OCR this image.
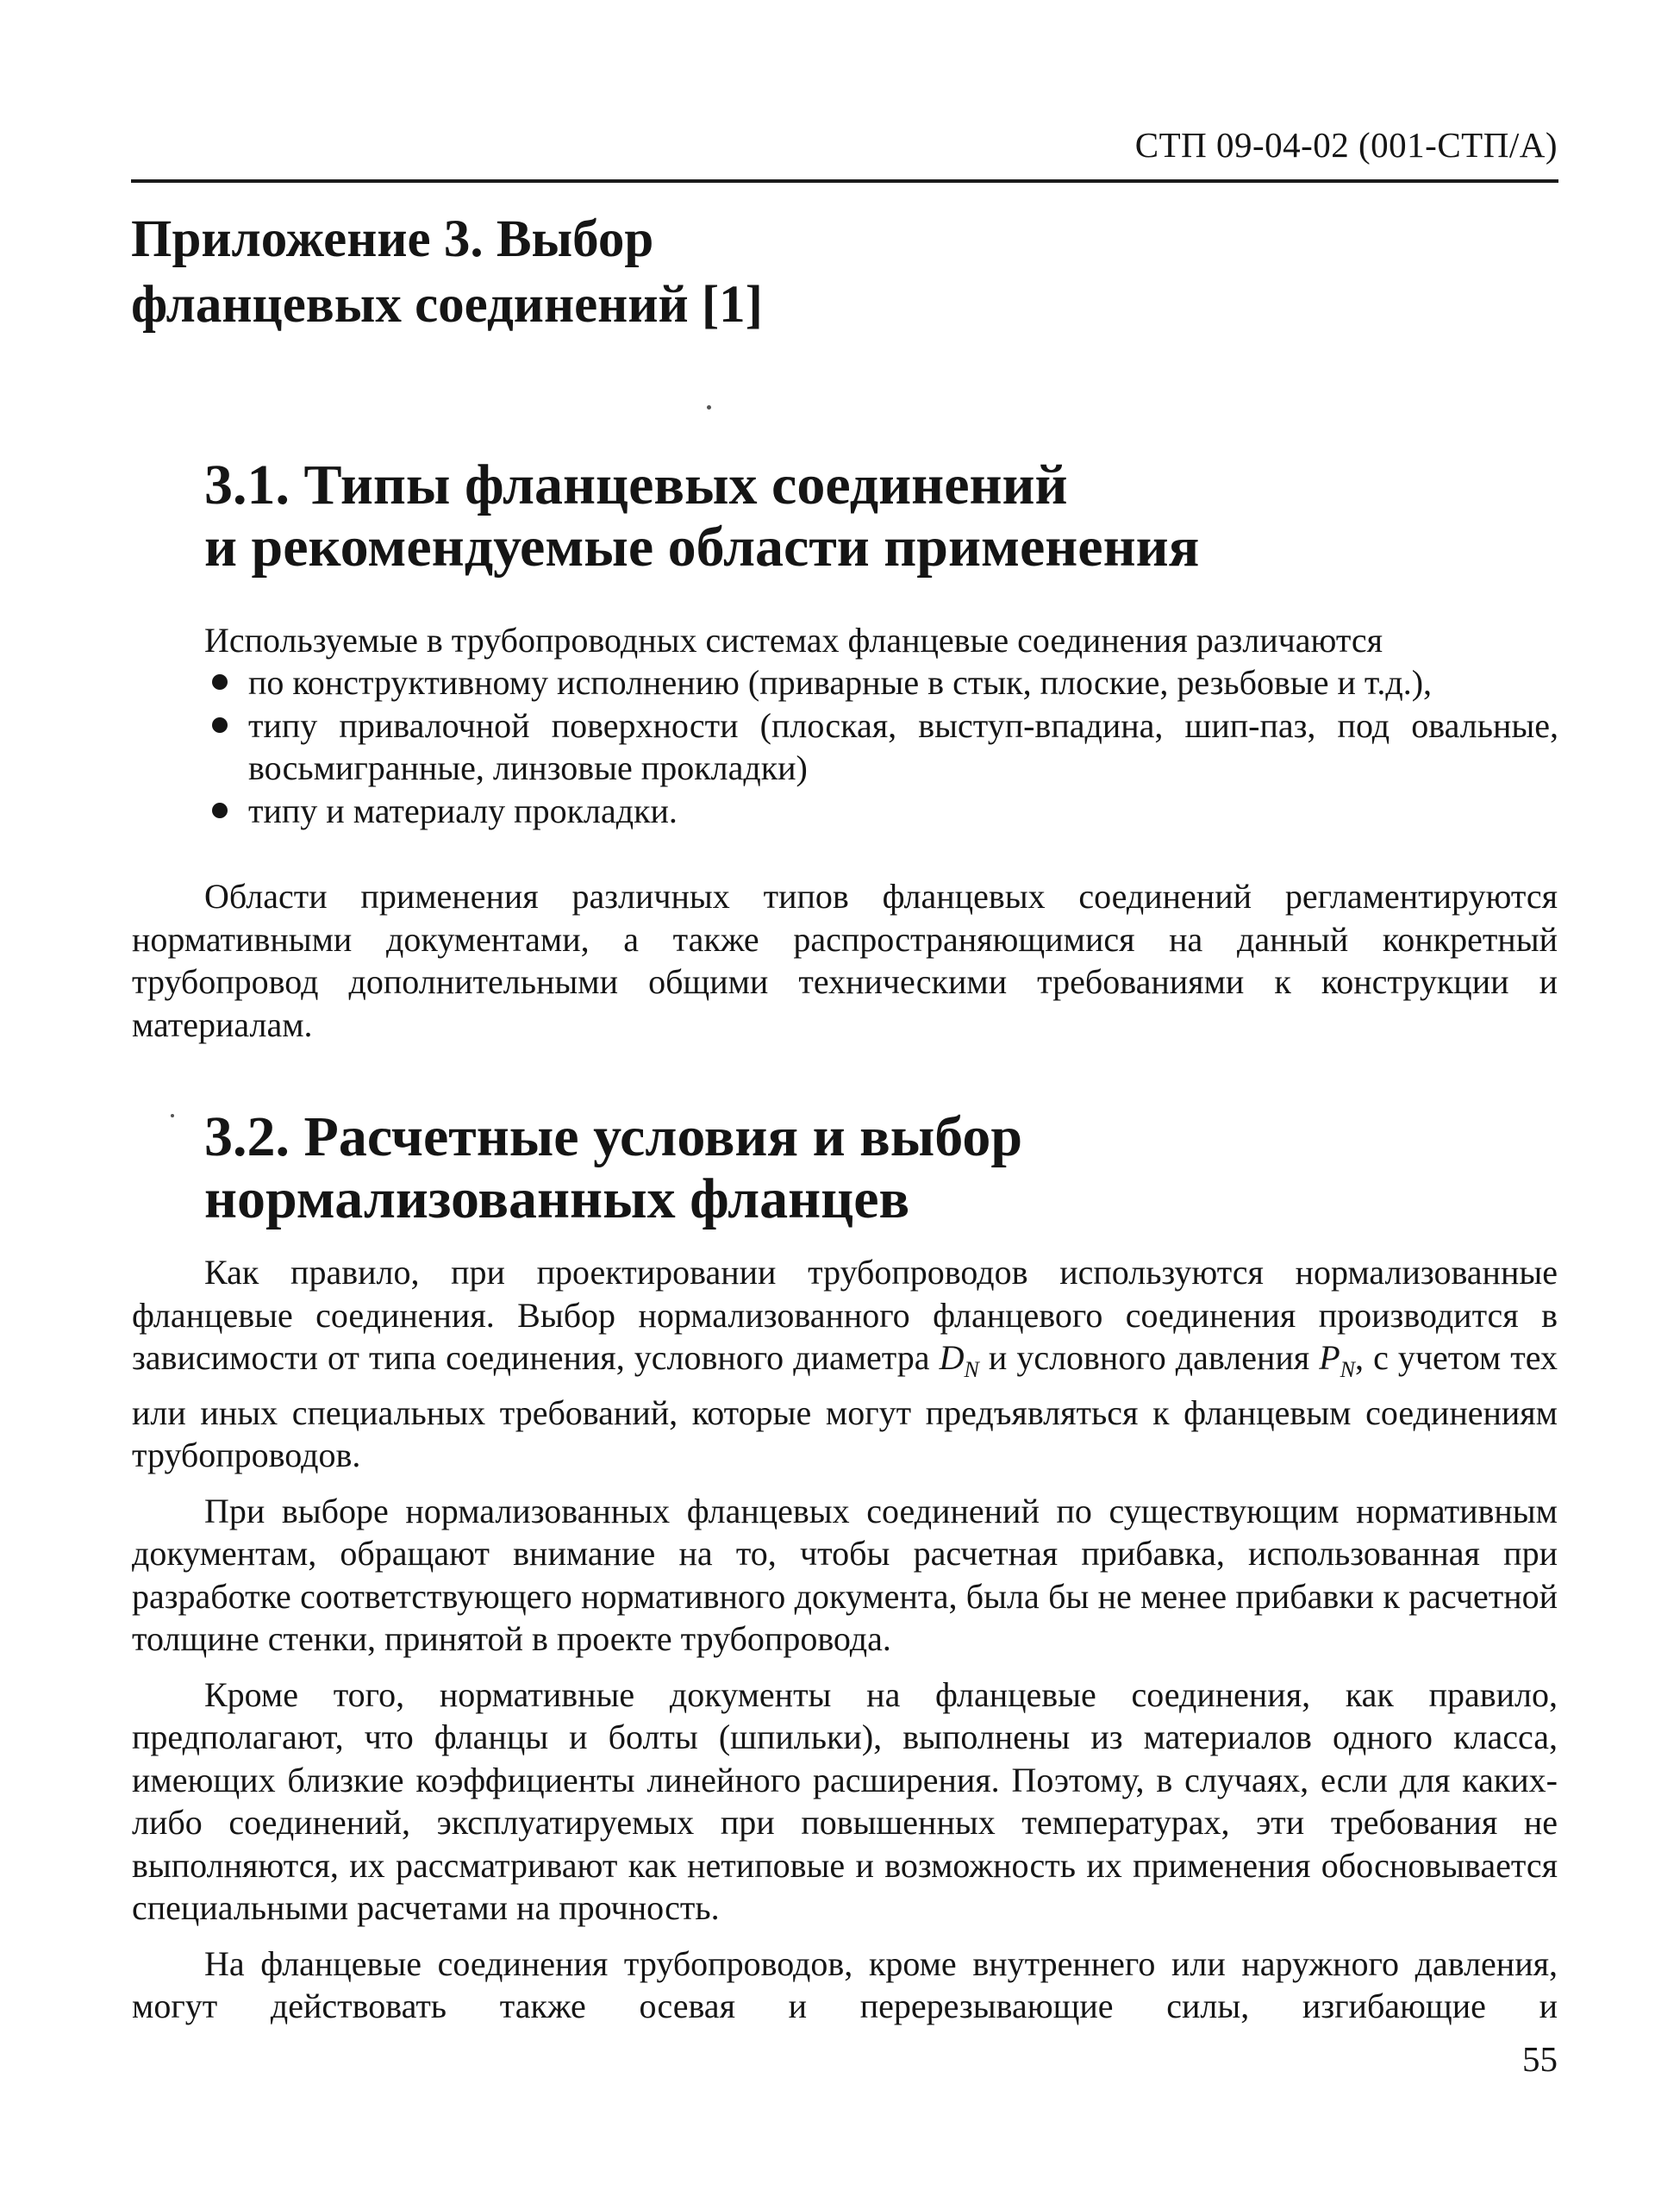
СТП 09-04-02 (001-СТП/А)
Приложение 3. Выбор
фланцевых соединений [1]
3.1. Типы фланцевых соединений
и рекомендуемые области применения
Используемые в трубопроводных системах фланцевые соединения различаются
по конструктивному исполнению (приварные в стык, плоские, резьбовые и т.д.),
типу привалочной поверхности (плоская, выступ-впадина, шип-паз, под овальные, восьмигранные, линзовые прокладки)
типу и материалу прокладки.

Области применения различных типов фланцевых соединений регламентируются нормативными документами, а также распространяющимися на данный конкретный трубопровод дополнительными общими техническими требованиями к конструкции и материалам.

3.2. Расчетные условия и выбор
нормализованных фланцев

Как правило, при проектировании трубопроводов используются нормализованные фланцевые соединения. Выбор нормализованного фланцевого соединения производится в зависимости от типа соединения, условного диаметра $D_N$ и условного давления $P_N$, с учетом тех или иных специальных требований, которые могут предъявляться к фланцевым соединениям трубопроводов.

При выборе нормализованных фланцевых соединений по существующим нормативным документам, обращают внимание на то, чтобы расчетная прибавка, использованная при разработке соответствующего нормативного документа, была бы не менее прибавки к расчетной толщине стенки, принятой в проекте трубопровода.

Кроме того, нормативные документы на фланцевые соединения, как правило, предполагают, что фланцы и болты (шпильки), выполнены из материалов одного класса, имеющих близкие коэффициенты линейного расширения. Поэтому, в случаях, если для каких-либо соединений, эксплуатируемых при повышенных температурах, эти требования не выполняются, их рассматривают как нетиповые и возможность их применения обосновывается специальными расчетами на прочность.

На фланцевые соединения трубопроводов, кроме внутреннего или наружного давления, могут действовать также осевая и перерезывающие силы, изгибающие и

55
